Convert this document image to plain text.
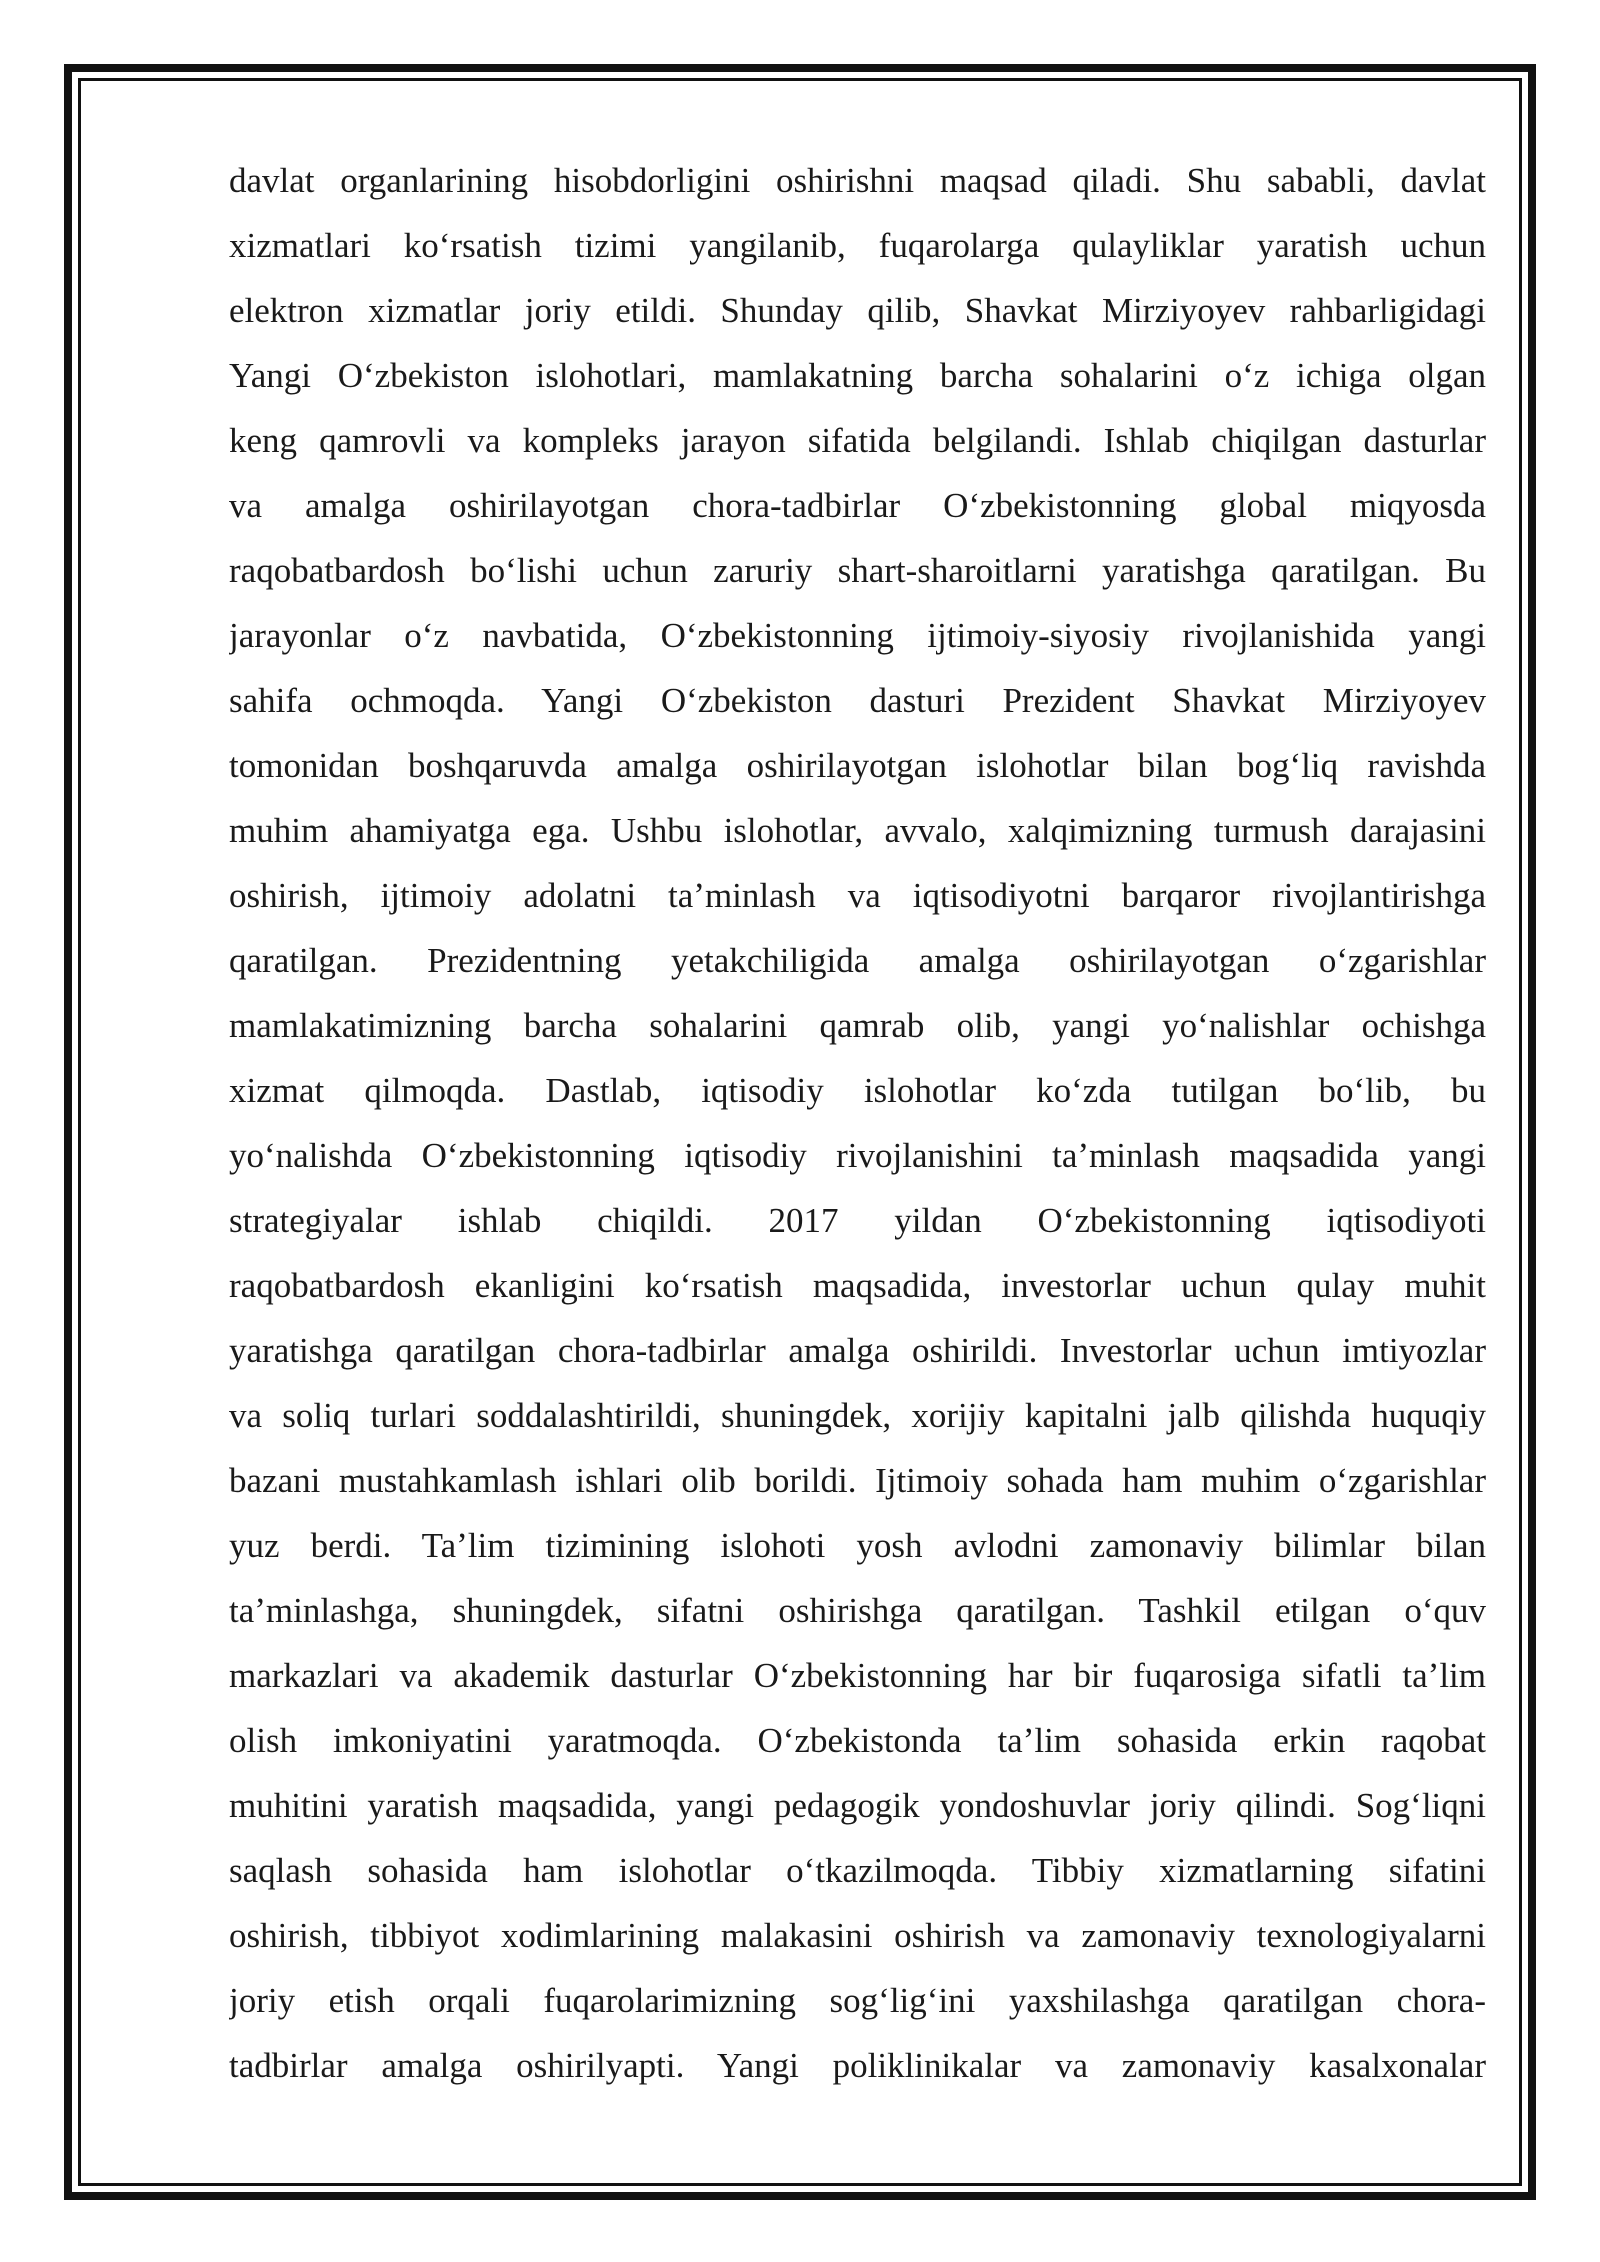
davlat organlarining hisobdorligini oshirishni maqsad qiladi. Shu sababli, davlat
xizmatlari koʻrsatish tizimi yangilanib, fuqarolarga qulayliklar yaratish uchun
elektron xizmatlar joriy etildi. Shunday qilib, Shavkat Mirziyoyev rahbarligidagi
Yangi Oʻzbekiston islohotlari, mamlakatning barcha sohalarini oʻz ichiga olgan
keng qamrovli va kompleks jarayon sifatida belgilandi. Ishlab chiqilgan dasturlar
va amalga oshirilayotgan chora-tadbirlar Oʻzbekistonning global miqyosda
raqobatbardosh boʻlishi uchun zaruriy shart-sharoitlarni yaratishga qaratilgan. Bu
jarayonlar oʻz navbatida, Oʻzbekistonning ijtimoiy-siyosiy rivojlanishida yangi
sahifa ochmoqda. Yangi Oʻzbekiston dasturi Prezident Shavkat Mirziyoyev
tomonidan boshqaruvda amalga oshirilayotgan islohotlar bilan bogʻliq ravishda
muhim ahamiyatga ega. Ushbu islohotlar, avvalo, xalqimizning turmush darajasini
oshirish, ijtimoiy adolatni taʼminlash va iqtisodiyotni barqaror rivojlantirishga
qaratilgan. Prezidentning yetakchiligida amalga oshirilayotgan oʻzgarishlar
mamlakatimizning barcha sohalarini qamrab olib, yangi yoʻnalishlar ochishga
xizmat qilmoqda. Dastlab, iqtisodiy islohotlar koʻzda tutilgan boʻlib, bu
yoʻnalishda Oʻzbekistonning iqtisodiy rivojlanishini taʼminlash maqsadida yangi
strategiyalar ishlab chiqildi. 2017 yildan Oʻzbekistonning iqtisodiyoti
raqobatbardosh ekanligini koʻrsatish maqsadida, investorlar uchun qulay muhit
yaratishga qaratilgan chora-tadbirlar amalga oshirildi. Investorlar uchun imtiyozlar
va soliq turlari soddalashtirildi, shuningdek, xorijiy kapitalni jalb qilishda huquqiy
bazani mustahkamlash ishlari olib borildi. Ijtimoiy sohada ham muhim oʻzgarishlar
yuz berdi. Taʼlim tizimining islohoti yosh avlodni zamonaviy bilimlar bilan
taʼminlashga, shuningdek, sifatni oshirishga qaratilgan. Tashkil etilgan oʻquv
markazlari va akademik dasturlar Oʻzbekistonning har bir fuqarosiga sifatli taʼlim
olish imkoniyatini yaratmoqda. Oʻzbekistonda taʼlim sohasida erkin raqobat
muhitini yaratish maqsadida, yangi pedagogik yondoshuvlar joriy qilindi. Sogʻliqni
saqlash sohasida ham islohotlar oʻtkazilmoqda. Tibbiy xizmatlarning sifatini
oshirish, tibbiyot xodimlarining malakasini oshirish va zamonaviy texnologiyalarni
joriy etish orqali fuqarolarimizning sogʻligʻini yaxshilashga qaratilgan chora-
tadbirlar amalga oshirilyapti. Yangi poliklinikalar va zamonaviy kasalxonalar
